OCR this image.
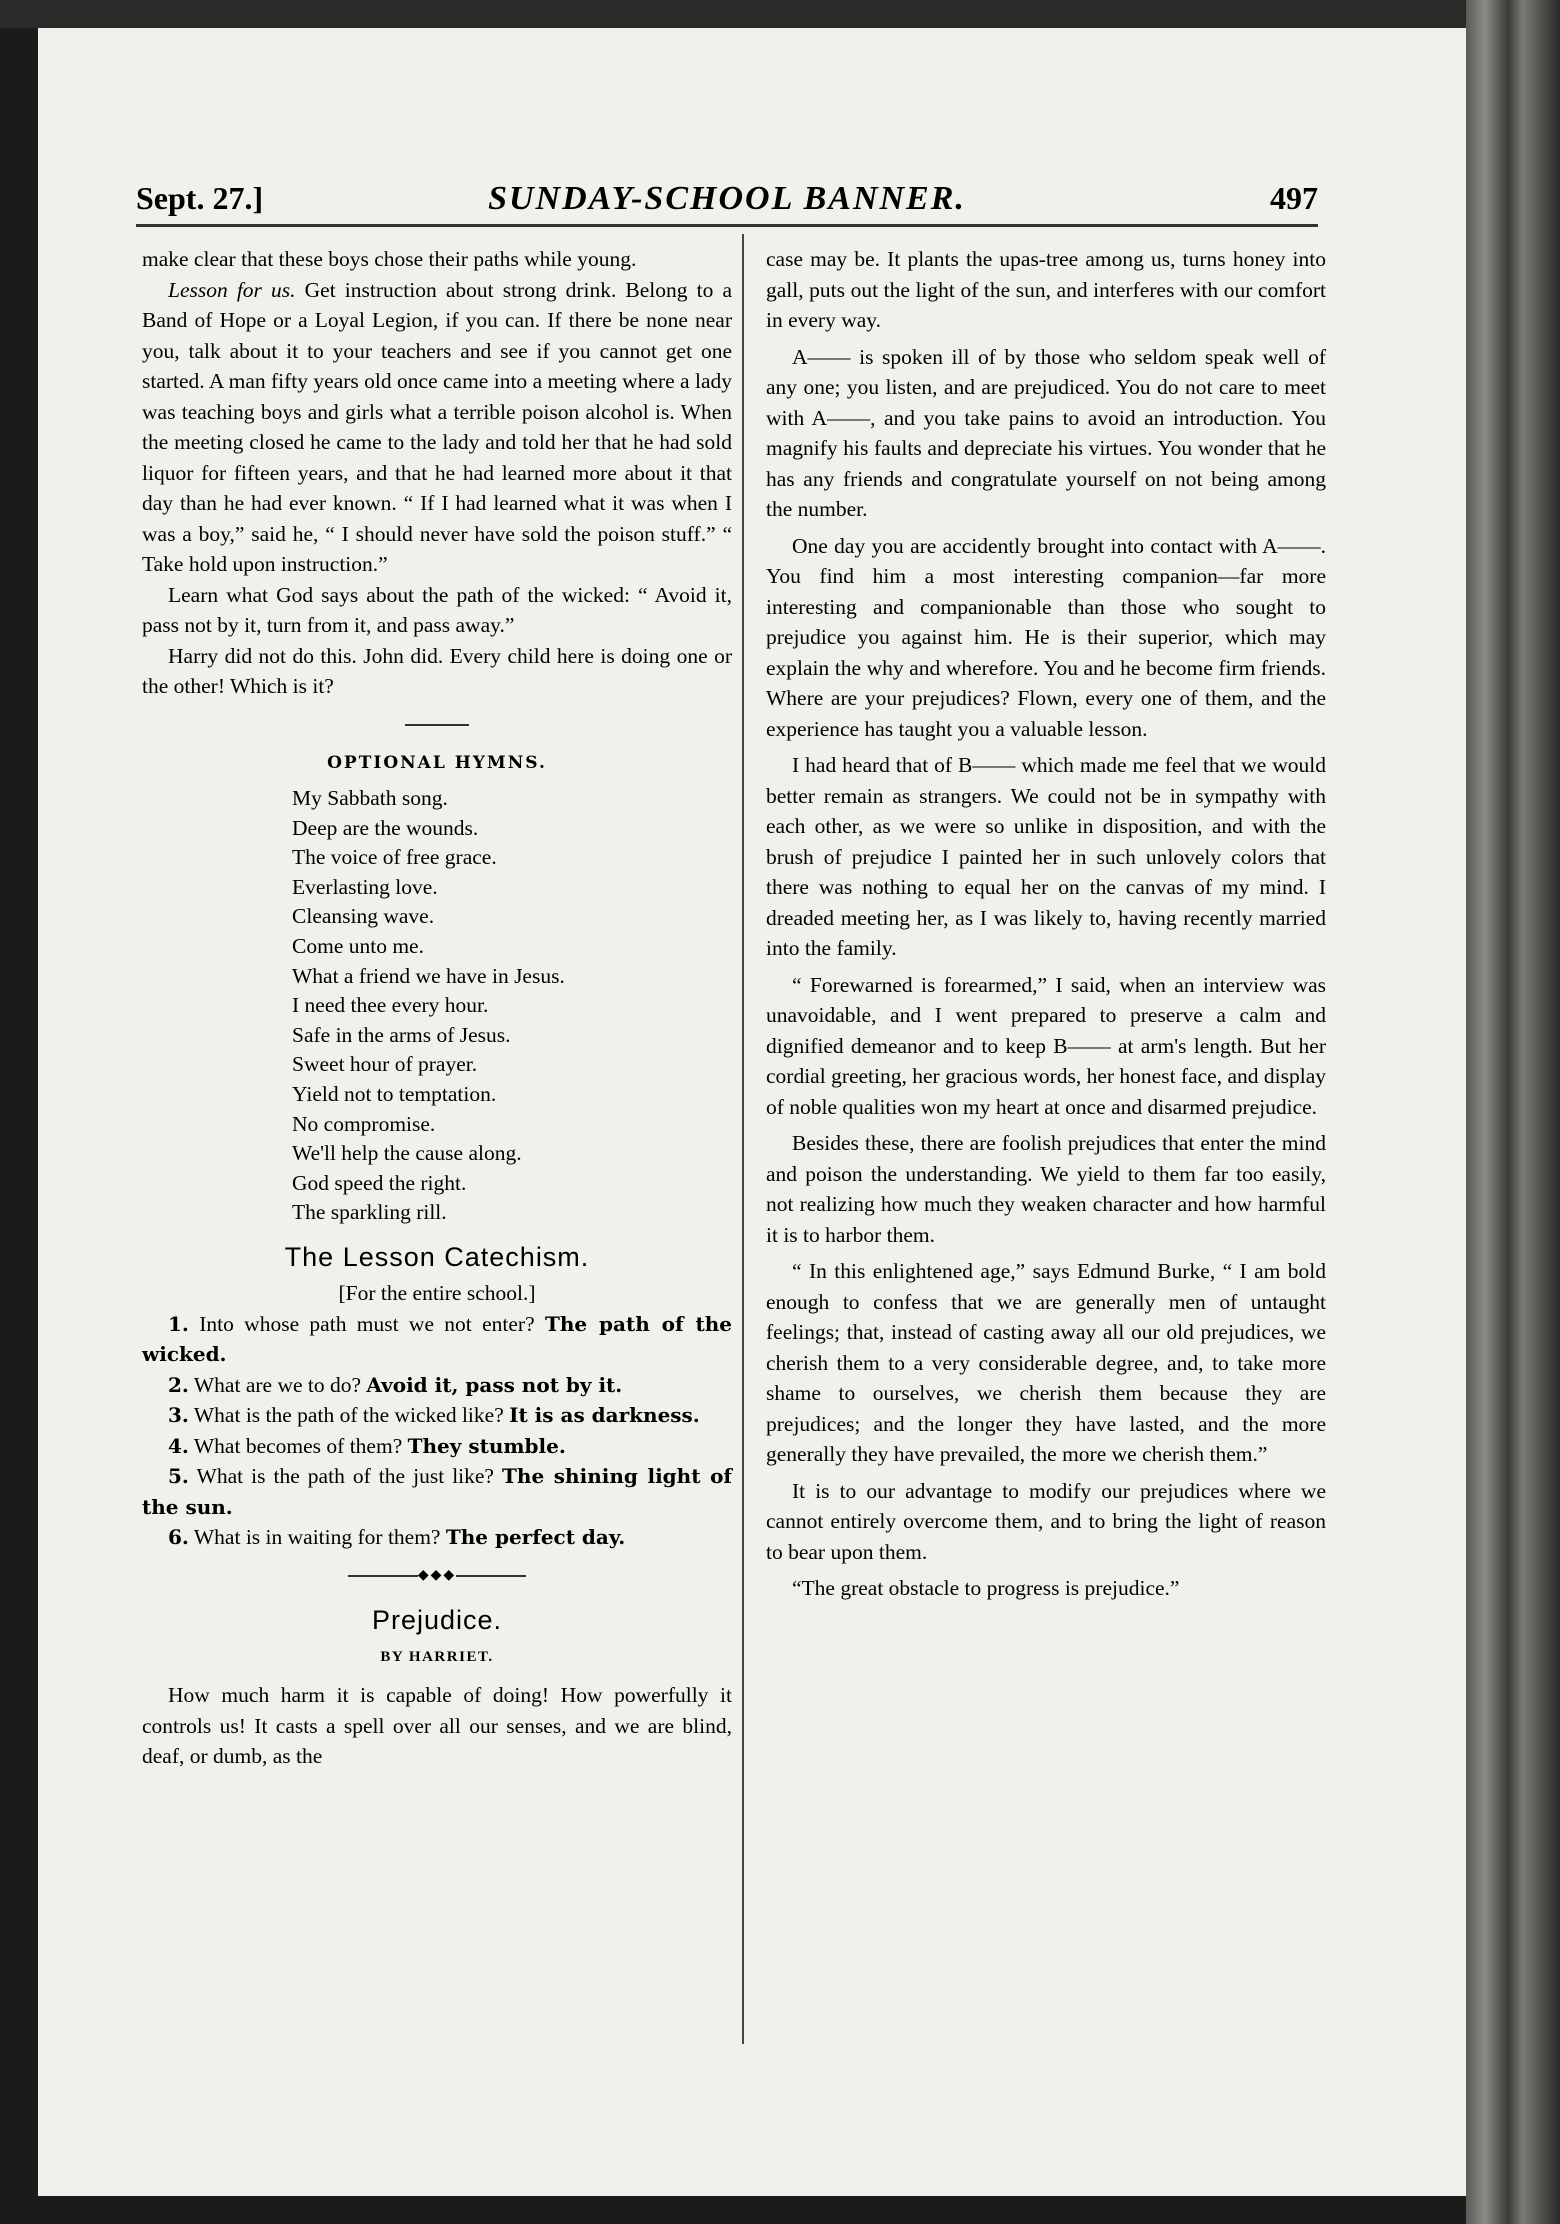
Sept. 27.]	SUNDAY-SCHOOL BANNER.	497

make clear that these boys chose their paths while young.

Lesson for us. Get instruction about strong drink. Belong to a Band of Hope or a Loyal Legion, if you can. If there be none near you, talk about it to your teachers and see if you cannot get one started. A man fifty years old once came into a meeting where a lady was teaching boys and girls what a terrible poison alcohol is. When the meeting closed he came to the lady and told her that he had sold liquor for fifteen years, and that he had learned more about it that day than he had ever known. “ If I had learned what it was when I was a boy,” said he, “ I should never have sold the poison stuff.” “ Take hold upon instruction.”

Learn what God says about the path of the wicked: “ Avoid it, pass not by it, turn from it, and pass away.”

Harry did not do this. John did. Every child here is doing one or the other! Which is it?

OPTIONAL HYMNS.
My Sabbath song.
Deep are the wounds.
The voice of free grace.
Everlasting love.
Cleansing wave.
Come unto me.
What a friend we have in Jesus.
I need thee every hour.
Safe in the arms of Jesus.
Sweet hour of prayer.
Yield not to temptation.
No compromise.
We'll help the cause along.
God speed the right.
The sparkling rill.
The Lesson Catechism.
[For the entire school.]

1. Into whose path must we not enter? The path of the wicked.

2. What are we to do? Avoid it, pass not by it.

3. What is the path of the wicked like? It is as darkness.

4. What becomes of them? They stumble.

5. What is the path of the just like? The shining light of the sun.

6. What is in waiting for them? The perfect day.

◆◆◆
Prejudice.
BY HARRIET.

How much harm it is capable of doing! How powerfully it controls us! It casts a spell over all our senses, and we are blind, deaf, or dumb, as the

case may be. It plants the upas-tree among us, turns honey into gall, puts out the light of the sun, and interferes with our comfort in every way.

A—— is spoken ill of by those who seldom speak well of any one; you listen, and are prejudiced. You do not care to meet with A——, and you take pains to avoid an introduction. You magnify his faults and depreciate his virtues. You wonder that he has any friends and congratulate yourself on not being among the number.

One day you are accidently brought into contact with A——. You find him a most interesting companion—far more interesting and companionable than those who sought to prejudice you against him. He is their superior, which may explain the why and wherefore. You and he become firm friends. Where are your prejudices? Flown, every one of them, and the experience has taught you a valuable lesson.

I had heard that of B—— which made me feel that we would better remain as strangers. We could not be in sympathy with each other, as we were so unlike in disposition, and with the brush of prejudice I painted her in such unlovely colors that there was nothing to equal her on the canvas of my mind. I dreaded meeting her, as I was likely to, having recently married into the family.

“ Forewarned is forearmed,” I said, when an interview was unavoidable, and I went prepared to preserve a calm and dignified demeanor and to keep B—— at arm's length. But her cordial greeting, her gracious words, her honest face, and display of noble qualities won my heart at once and disarmed prejudice.

Besides these, there are foolish prejudices that enter the mind and poison the understanding. We yield to them far too easily, not realizing how much they weaken character and how harmful it is to harbor them.

“ In this enlightened age,” says Edmund Burke, “ I am bold enough to confess that we are generally men of untaught feelings; that, instead of casting away all our old prejudices, we cherish them to a very considerable degree, and, to take more shame to ourselves, we cherish them because they are prejudices; and the longer they have lasted, and the more generally they have prevailed, the more we cherish them.”

It is to our advantage to modify our prejudices where we cannot entirely overcome them, and to bring the light of reason to bear upon them.

“The great obstacle to progress is prejudice.”
